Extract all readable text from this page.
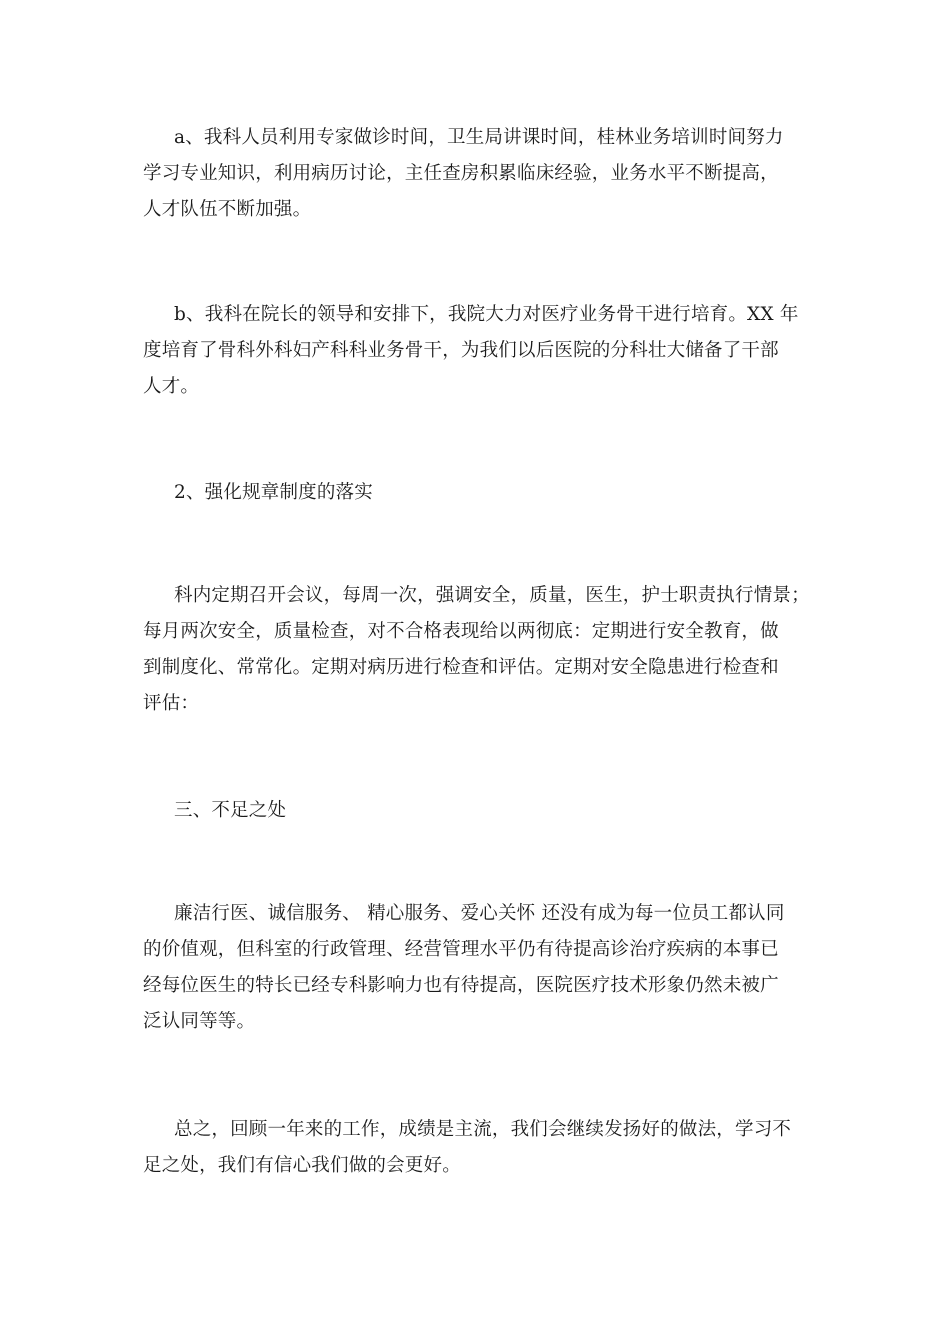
a、我科人员利用专家做诊时间，卫生局讲课时间，桂林业务培训时间努力
学习专业知识，利用病历讨论，主任查房积累临床经验，业务水平不断提高，
人才队伍不断加强。
b、我科在院长的领导和安排下，我院大力对医疗业务骨干进行培育。XX 年
度培育了骨科外科妇产科科业务骨干，为我们以后医院的分科壮大储备了干部
人才。
2、强化规章制度的落实
科内定期召开会议，每周一次，强调安全，质量，医生，护士职责执行情景；
每月两次安全，质量检查，对不合格表现给以两彻底：定期进行安全教育，做
到制度化、常常化。定期对病历进行检查和评估。定期对安全隐患进行检查和
评估：
三、不足之处
廉洁行医、诚信服务、 精心服务、爱心关怀 还没有成为每一位员工都认同
的价值观，但科室的行政管理、经营管理水平仍有待提高诊治疗疾病的本事已
经每位医生的特长已经专科影响力也有待提高，医院医疗技术形象仍然未被广
泛认同等等。
总之，回顾一年来的工作，成绩是主流，我们会继续发扬好的做法，学习不
足之处，我们有信心我们做的会更好。
